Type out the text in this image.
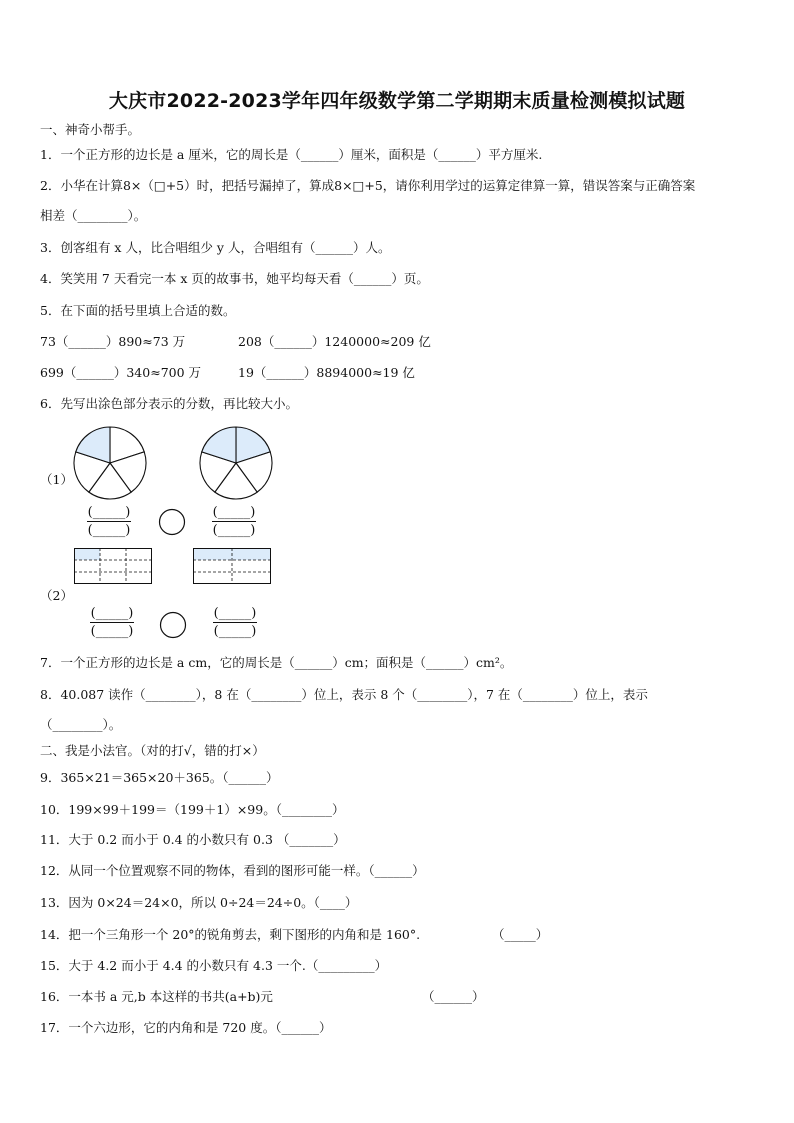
大庆市2022-2023学年四年级数学第二学期期末质量检测模拟试题
一、神奇小帮手。
1．一个正方形的边长是 a 厘米，它的周长是（______）厘米，面积是（______）平方厘米.
2．小华在计算8×（□+5）时，把括号漏掉了，算成8×□+5，请你利用学过的运算定律算一算，错误答案与正确答案
相差（________）。
3．创客组有 x 人，比合唱组少 y 人，合唱组有（______）人。
4．笑笑用 7 天看完一本 x 页的故事书，她平均每天看（______）页。
5．在下面的括号里填上合适的数。
73（______）890≈73 万	208（______）1240000≈209 亿
699（______）340≈700 万	19（______）8894000≈19 亿
6．先写出涂色部分表示的分数，再比较大小。
（1）
(_____)
(_____)
(_____)
(_____)
（2）
(_____)
(_____)
(_____)
(_____)
7．一个正方形的边长是 a cm，它的周长是（______）cm；面积是（______）cm²。
8．40.087 读作（________），8 在（________）位上，表示 8 个（________），7 在（________）位上，表示
（________）。
二、我是小法官。（对的打√，错的打×）
9．365×21＝365×20＋365。（______）
10．199×99＋199＝（199＋1）×99。（________）
11．大于 0.2 而小于 0.4 的小数只有 0.3 （_______）
12．从同一个位置观察不同的物体，看到的图形可能一样。（______）
13．因为 0×24＝24×0，所以 0÷24＝24÷0。（____）
14．把一个三角形一个 20°的锐角剪去，剩下图形的内角和是 160°.	（_____）
15．大于 4.2 而小于 4.4 的小数只有 4.3 一个.（_________）
16．一本书 a 元,b 本这样的书共(a+b)元	（______）
17．一个六边形，它的内角和是 720 度。（______）
